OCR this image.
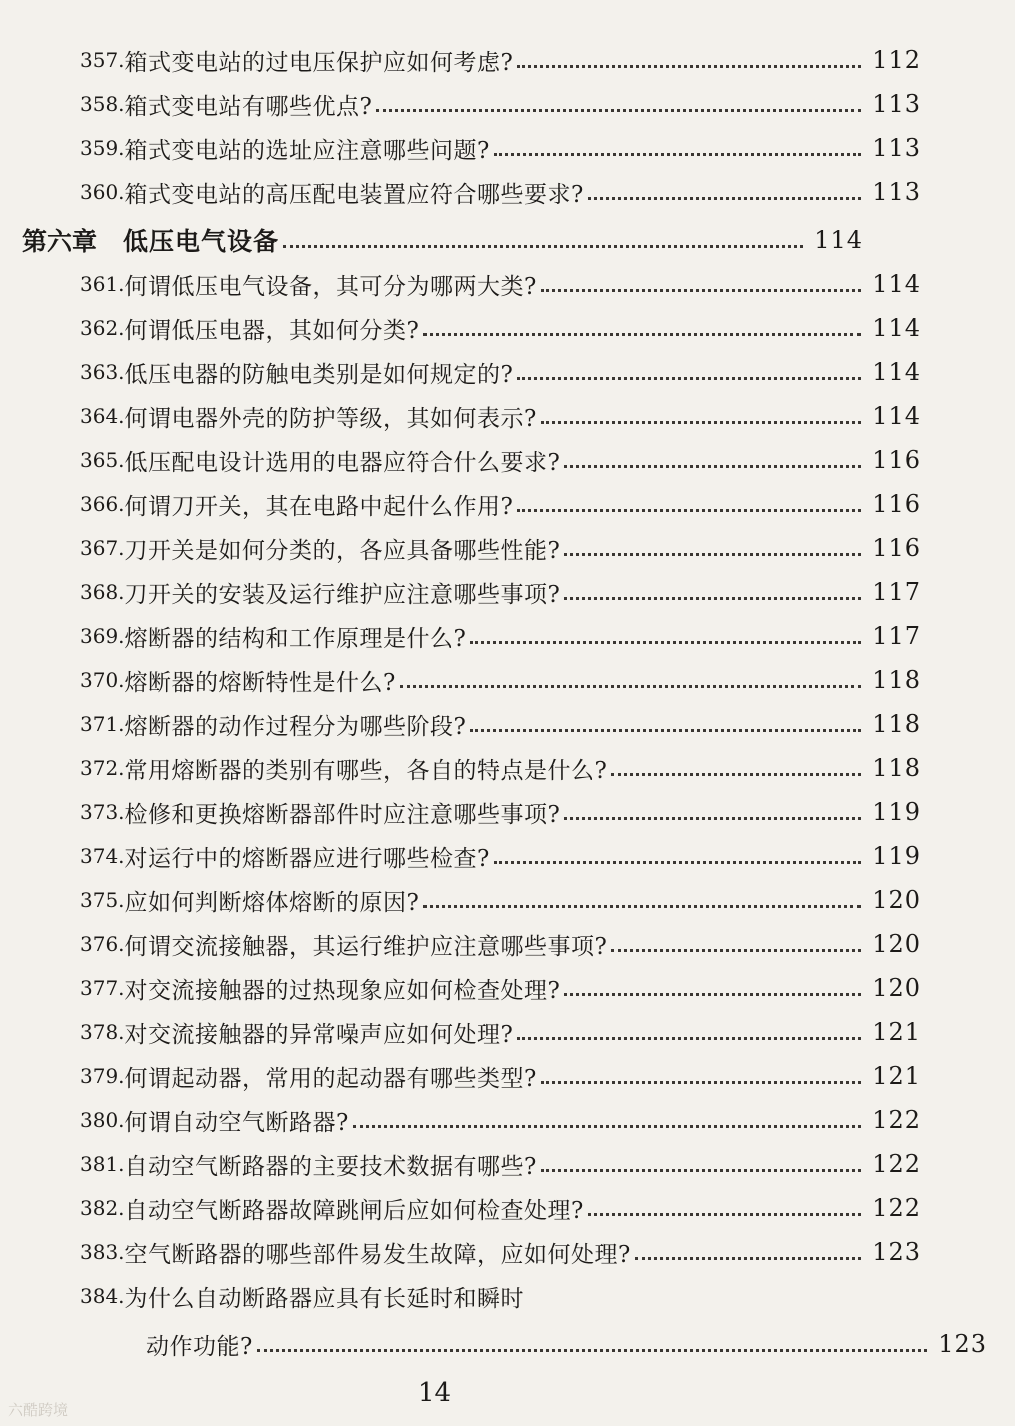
357. 箱式变电站的过电压保护应如何考虑?	112
358. 箱式变电站有哪些优点?	113
359. 箱式变电站的选址应注意哪些问题?	113
360. 箱式变电站的高压配电装置应符合哪些要求?	113
第六章 低压电气设备	114
361. 何谓低压电气设备，其可分为哪两大类?	114
362. 何谓低压电器，其如何分类?	114
363. 低压电器的防触电类别是如何规定的?	114
364. 何谓电器外壳的防护等级，其如何表示?	114
365. 低压配电设计选用的电器应符合什么要求?	116
366. 何谓刀开关，其在电路中起什么作用?	116
367. 刀开关是如何分类的，各应具备哪些性能?	116
368. 刀开关的安装及运行维护应注意哪些事项?	117
369. 熔断器的结构和工作原理是什么?	117
370. 熔断器的熔断特性是什么?	118
371. 熔断器的动作过程分为哪些阶段?	118
372. 常用熔断器的类别有哪些，各自的特点是什么?	118
373. 检修和更换熔断器部件时应注意哪些事项?	119
374. 对运行中的熔断器应进行哪些检查?	119
375. 应如何判断熔体熔断的原因?	120
376. 何谓交流接触器，其运行维护应注意哪些事项?	120
377. 对交流接触器的过热现象应如何检查处理?	120
378. 对交流接触器的异常噪声应如何处理?	121
379. 何谓起动器，常用的起动器有哪些类型?	121
380. 何谓自动空气断路器?	122
381. 自动空气断路器的主要技术数据有哪些?	122
382. 自动空气断路器故障跳闸后应如何检查处理?	122
383. 空气断路器的哪些部件易发生故障，应如何处理?	123
384. 为什么自动断路器应具有长延时和瞬时
动作功能?	123
14
六酷跨境
